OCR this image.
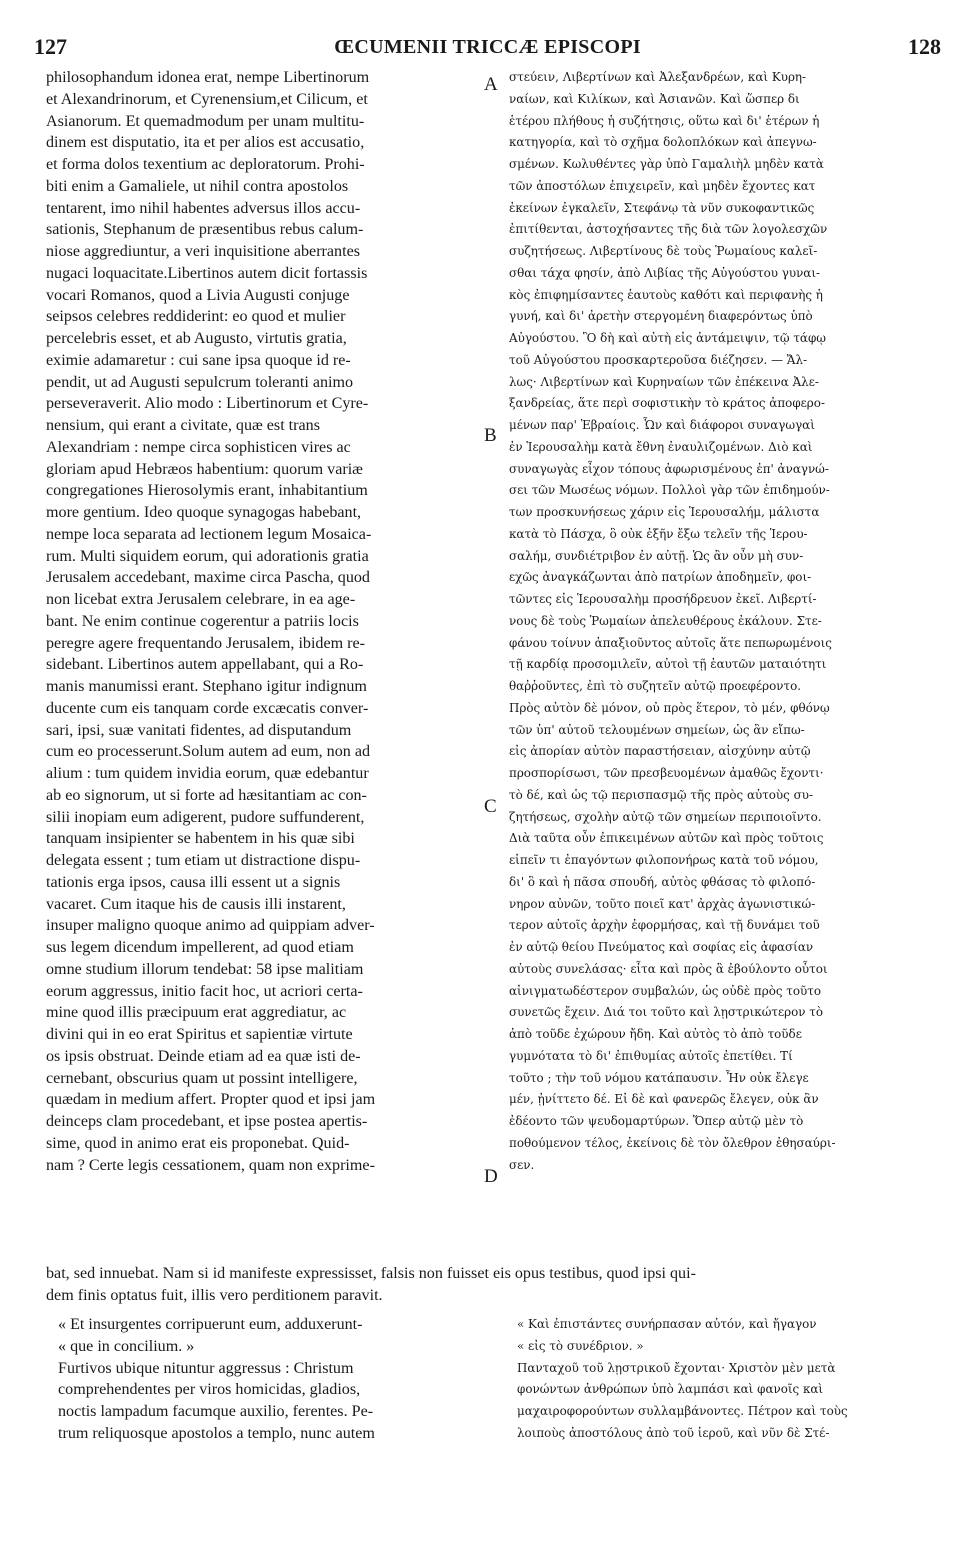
127	ŒCUMENII TRICCÆ EPISCOPI	128
philosophandum idonea erat, nempe Libertinorum
et Alexandrinorum, et Cyrenensium,et Cilicum, et
Asianorum. Et quemadmodum per unam multitu-
dinem est disputatio, ita et per alios est accusatio,
et forma dolos texentium ac deploratorum. Prohi-
biti enim a Gamaliele, ut nihil contra apostolos
tentarent, imo nihil habentes adversus illos accu-
sationis, Stephanum de præsentibus rebus calum-
niose aggrediuntur, a veri inquisitione aberrantes
nugaci loquacitate.Libertinos autem dicit fortassis
vocari Romanos, quod a Livia Augusti conjuge
seipsos celebres reddiderint: eo quod et mulier
percelebris esset, et ab Augusto, virtutis gratia,
eximie adamaretur : cui sane ipsa quoque id re-
pendit, ut ad Augusti sepulcrum toleranti animo
perseveraverit. Alio modo : Libertinorum et Cyre-
nensium, qui erant a civitate, quæ est trans
Alexandriam : nempe circa sophisticen vires ac
gloriam apud Hebræos habentium: quorum variæ
congregationes Hierosolymis erant, inhabitantium
more gentium. Ideo quoque synagogas habebant,
nempe loca separata ad lectionem legum Mosaica-
rum. Multi siquidem eorum, qui adorationis gratia
Jerusalem accedebant, maxime circa Pascha, quod
non licebat extra Jerusalem celebrare, in ea age-
bant. Ne enim continue cogerentur a patriis locis
peregre agere frequentando Jerusalem, ibidem re-
sidebant. Libertinos autem appellabant, qui a Ro-
manis manumissi erant. Stephano igitur indignum
ducente cum eis tanquam corde excæcatis conver-
sari, ipsi, suæ vanitati fidentes, ad disputandum
cum eo processerunt.Solum autem ad eum, non ad
alium : tum quidem invidia eorum, quæ edebantur
ab eo signorum, ut si forte ad hæsitantiam ac con-
silii inopiam eum adigerent, pudore suffunderent,
tanquam insipienter se habentem in his quæ sibi
delegata essent ; tum etiam ut distractione dispu-
tationis erga ipsos, causa illi essent ut a signis
vacaret. Cum itaque his de causis illi instarent,
insuper maligno quoque animo ad quippiam adver-
sus legem dicendum impellerent, ad quod etiam
omne studium illorum tendebat: 58 ipse malitiam
eorum aggressus, initio facit hoc, ut acriori certa-
mine quod illis præcipuum erat aggrediatur, ac
divini qui in eo erat Spiritus et sapientiæ virtute
os ipsis obstruat. Deinde etiam ad ea quæ isti de-
cernebant, obscurius quam ut possint intelligere,
quædam in medium affert. Propter quod et ipsi jam
deinceps clam procedebant, et ipse postea apertis-
sime, quod in animo erat eis proponebat. Quid-
nam ? Certe legis cessationem, quam non exprime-
στεύειν, Λιβερτίνων καὶ Ἀλεξανδρέων, καὶ Κυρη-
ναίων, καὶ Κιλίκων, καὶ Ἀσιανῶν. Καὶ ὥσπερ δι
ἑτέρου πλήθους ἡ συζήτησις, οὕτω καὶ δι' ἑτέρων ἡ
κατηγορία, καὶ τὸ σχῆμα δολοπλόκων καὶ ἀπεγνω-
σμένων. Κωλυθέντες γὰρ ὑπὸ Γαμαλιὴλ μηδὲν κατὰ
τῶν ἀποστόλων ἐπιχειρεῖν, καὶ μηδὲν ἔχοντες κατ
ἐκείνων ἐγκαλεῖν, Στεφάνῳ τὰ νῦν συκοφαντικῶς
ἐπιτίθενται, ἀστοχήσαντες τῆς διὰ τῶν λογολεσχῶν
συζητήσεως. Λιβερτίνους δὲ τοὺς Ῥωμαίους καλεῖ-
σθαι τάχα φησίν, ἀπὸ Λιβίας τῆς Αὐγούστου γυναι-
κὸς ἐπιφημίσαντες ἑαυτοὺς καθότι καὶ περιφανὴς ἡ
γυνή, καὶ δι' ἀρετὴν στεργομένη διαφερόντως ὑπὸ
Αὐγούστου. Ὃ δὴ καὶ αὐτὴ εἰς ἀντάμειψιν, τῷ τάφῳ
τοῦ Αὐγούστου προσκαρτεροῦσα διέζησεν. — Ἄλ-
λως· Λιβερτίνων καὶ Κυρηναίων τῶν ἐπέκεινα Ἀλε-
ξανδρείας, ἅτε περὶ σοφιστικὴν τὸ κράτος ἀποφερο-
μένων παρ' Ἑβραίοις. Ὧν καὶ διάφοροι συναγωγαὶ
ἐν Ἱερουσαλὴμ κατὰ ἔθνη ἐναυλιζομένων. Διὸ καὶ
συναγωγὰς εἶχον τόπους ἀφωρισμένους ἐπ' ἀναγνώ-
σει τῶν Μωσέως νόμων. Πολλοὶ γὰρ τῶν ἐπιδημούν-
των προσκυνήσεως χάριν εἰς Ἱερουσαλήμ, μάλιστα
κατὰ τὸ Πάσχα, ὃ οὐκ ἐξῆν ἔξω τελεῖν τῆς Ἱερου-
σαλήμ, συνδιέτριβον ἐν αὐτῇ. Ὡς ἂν οὖν μὴ συν-
εχῶς ἀναγκάζωνται ἀπὸ πατρίων ἀποδημεῖν, φοι-
τῶντες εἰς Ἱερουσαλὴμ προσήδρευον ἐκεῖ. Λιβερτί-
νους δὲ τοὺς Ῥωμαίων ἀπελευθέρους ἐκάλουν. Στε-
φάνου τοίνυν ἀπαξιοῦντος αὐτοῖς ἅτε πεπωρωμένοις
τῇ καρδίᾳ προσομιλεῖν, αὐτοὶ τῇ ἑαυτῶν ματαιότητι
θαῤῥοῦντες, ἐπὶ τὸ συζητεῖν αὐτῷ προεφέροντο.
Πρὸς αὐτὸν δὲ μόνον, οὐ πρὸς ἕτερον, τὸ μέν, φθόνῳ
τῶν ὑπ' αὐτοῦ τελουμένων σημείων, ὡς ἂν εἴπω-
εἰς ἀπορίαν αὐτὸν παραστήσειαν, αἰσχύνην αὐτῷ
προσπορίσωσι, τῶν πρεσβευομένων ἀμαθῶς ἔχοντι·
τὸ δέ, καὶ ὡς τῷ περισπασμῷ τῆς πρὸς αὐτοὺς συ-
ζητήσεως, σχολὴν αὐτῷ τῶν σημείων περιποιοῖντο.
Διὰ ταῦτα οὖν ἐπικειμένων αὐτῶν καὶ πρὸς τοῦτοις
εἰπεῖν τι ἐπαγόντων φιλοπονήρως κατὰ τοῦ νόμου,
δι' ὃ καὶ ἡ πᾶσα σπουδή, αὐτὸς φθάσας τὸ φιλοπό-
νηρον αὐνῶν, τοῦτο ποιεῖ κατ' ἀρχὰς ἀγωνιστικώ-
τερον αὐτοῖς ἀρχὴν ἐφορμήσας, καὶ τῇ δυνάμει τοῦ
ἐν αὐτῷ θείου Πνεύματος καὶ σοφίας εἰς ἀφασίαν
αὐτοὺς συνελάσας· εἶτα καὶ πρὸς ἃ ἐβούλοντο οὗτοι
αἰνιγματωδέστερον συμβαλών, ὡς οὐδὲ πρὸς τοῦτο
συνετῶς ἔχειν. Διά τοι τοῦτο καὶ λῃστρικώτερον τὸ
ἀπὸ τοῦδε ἐχώρουν ἤδη. Καὶ αὐτὸς τὸ ἀπὸ τοῦδε
γυμνότατα τὸ δι' ἐπιθυμίας αὐτοῖς ἐπετίθει. Τί
τοῦτο ; τὴν τοῦ νόμου κατάπαυσιν. Ἦν οὐκ ἔλεγε
μέν, ᾐνίττετο δέ. Εἰ δὲ καὶ φανερῶς ἔλεγεν, οὐκ ἂν
ἐδέοντο τῶν ψευδομαρτύρων. Ὅπερ αὐτῷ μὲν τὸ
ποθούμενον τέλος, ἐκείνοις δὲ τὸν ὄλεθρον ἐθησαύρι-
σεν.
A
B
C
D
bat, sed innuebat. Nam si id manifeste expressisset, falsis non fuisset eis opus testibus, quod ipsi qui-
dem finis optatus fuit, illis vero perditionem paravit.
« Et insurgentes corripuerunt eum, adduxerunt-
« que in concilium. »
Furtivos ubique nituntur aggressus : Christum
comprehendentes per viros homicidas, gladios,
noctis lampadum facumque auxilio, ferentes. Pe-
trum reliquosque apostolos a templo, nunc autem
« Καὶ ἐπιστάντες συνήρπασαν αὐτόν, καὶ ἤγαγον
« εἰς τὸ συνέδριον. »
Πανταχοῦ τοῦ λῃστρικοῦ ἔχονται· Χριστὸν μὲν μετὰ
φονώντων ἀνθρώπων ὑπὸ λαμπάσι καὶ φανοῖς καὶ
μαχαιροφορούντων συλλαμβάνοντες. Πέτρον καὶ τοὺς
λοιποὺς ἀποστόλους ἀπὸ τοῦ ἱεροῦ, καὶ νῦν δὲ Στέ-
